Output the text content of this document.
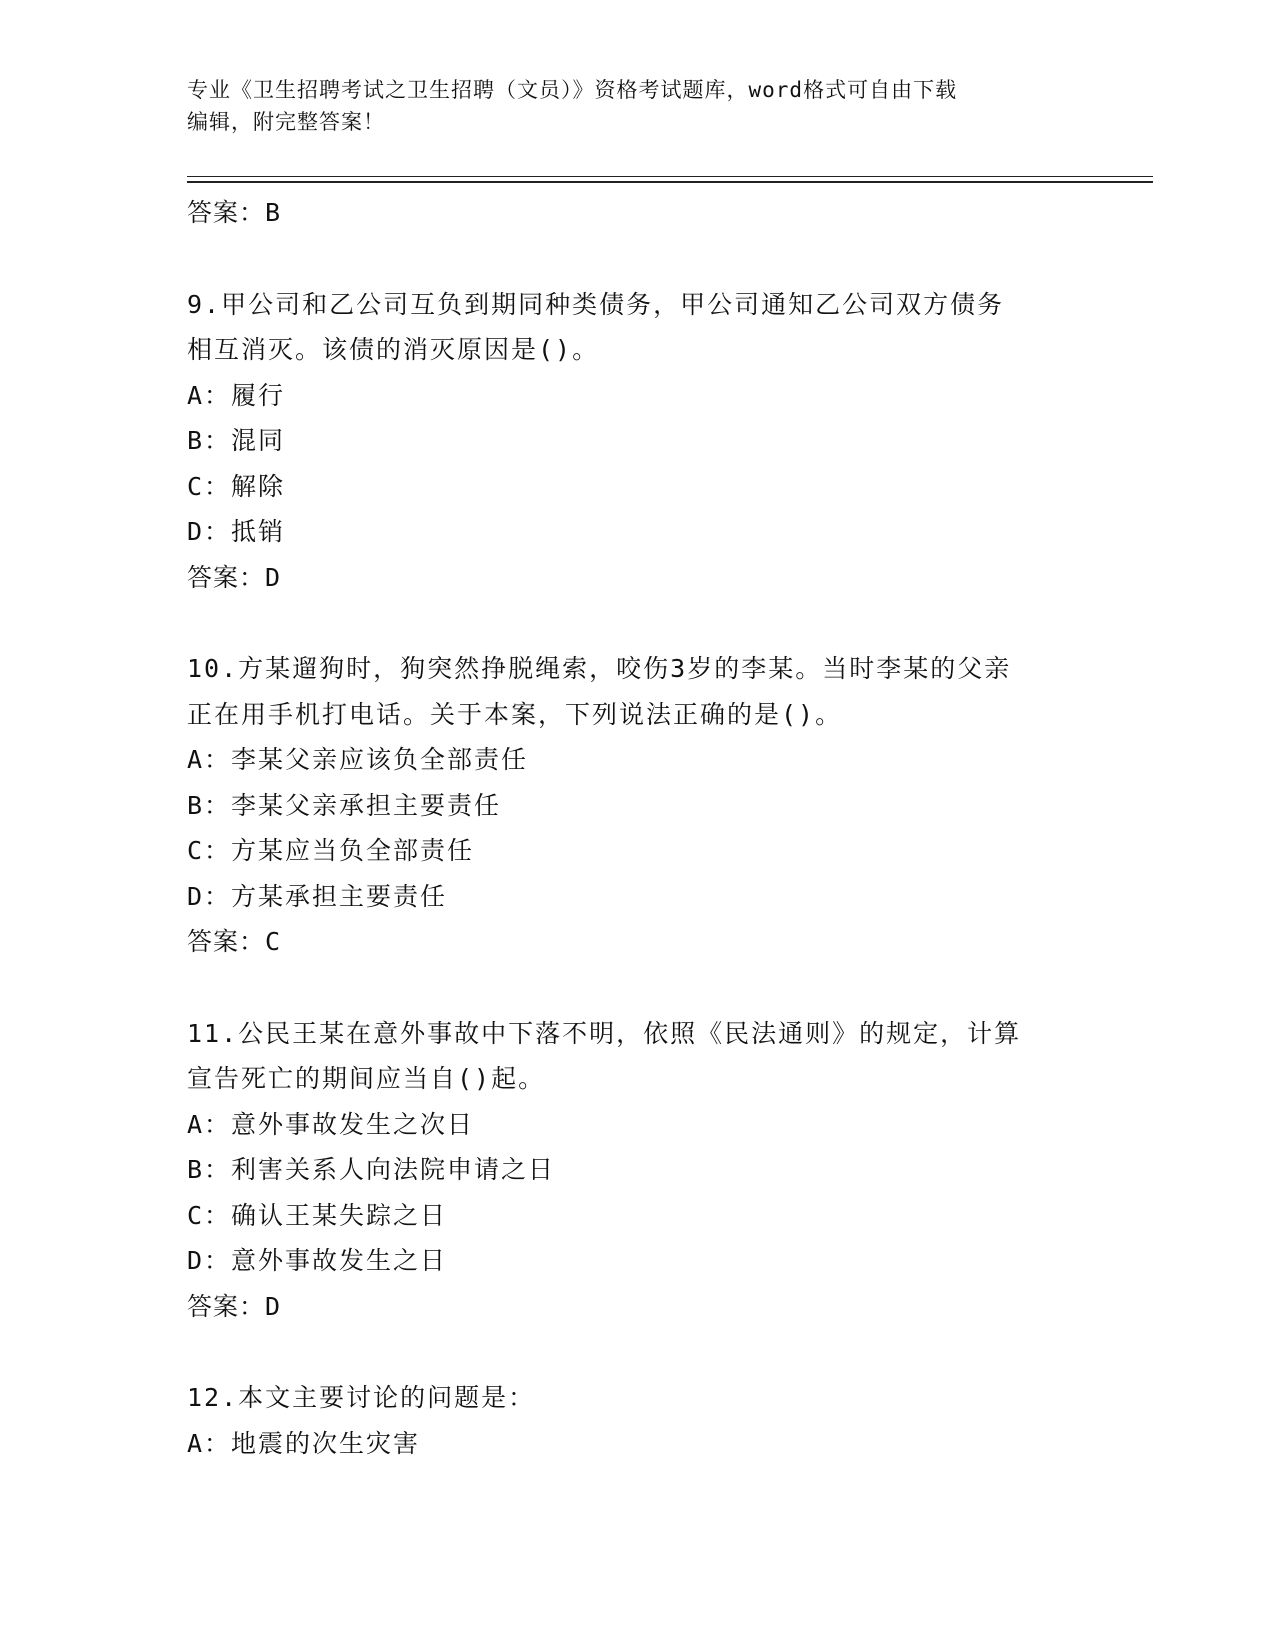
专业《卫生招聘考试之卫生招聘（文员）》资格考试题库，word格式可自由下载
编辑，附完整答案！
答案：B
9.甲公司和乙公司互负到期同种类债务，甲公司通知乙公司双方债务
相互消灭。该债的消灭原因是()。
A：履行
B：混同
C：解除
D：抵销
答案：D
10.方某遛狗时，狗突然挣脱绳索，咬伤3岁的李某。当时李某的父亲
正在用手机打电话。关于本案，下列说法正确的是()。
A：李某父亲应该负全部责任
B：李某父亲承担主要责任
C：方某应当负全部责任
D：方某承担主要责任
答案：C
11.公民王某在意外事故中下落不明，依照《民法通则》的规定，计算
宣告死亡的期间应当自()起。
A：意外事故发生之次日
B：利害关系人向法院申请之日
C：确认王某失踪之日
D：意外事故发生之日
答案：D
12.本文主要讨论的问题是：
A：地震的次生灾害
